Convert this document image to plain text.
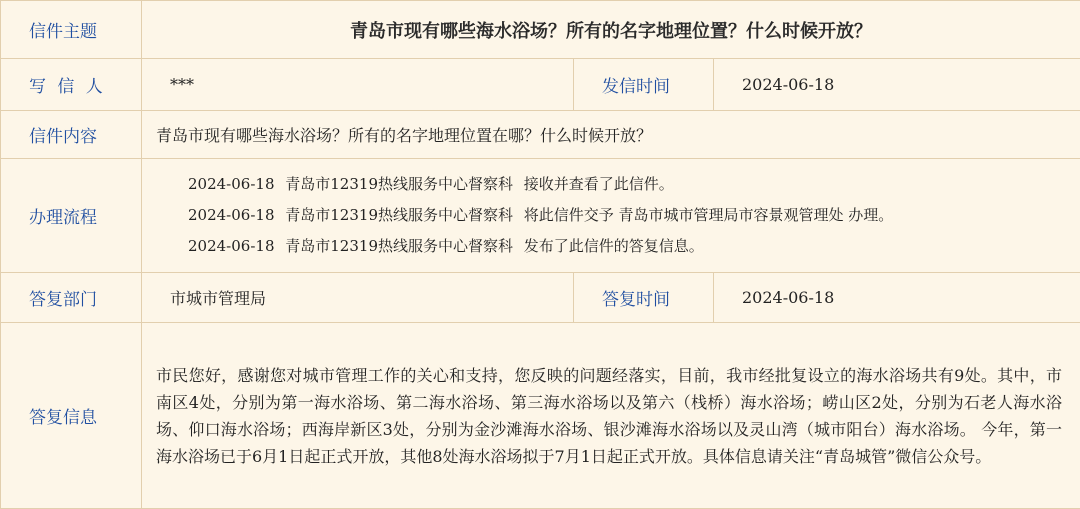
信件主题	青岛市现有哪些海水浴场？所有的名字地理位置？什么时候开放？		
写 信 人	***	发信时间	2024-06-18
信件内容	青岛市现有哪些海水浴场？所有的名字地理位置在哪？什么时候开放？		
办理流程	2024-06-18 青岛市12319热线服务中心督察科 接收并查看了此信件。
2024-06-18 青岛市12319热线服务中心督察科 将此信件交予 青岛市城市管理局市容景观管理处 办理。
2024-06-18 青岛市12319热线服务中心督察科 发布了此信件的答复信息。		

答复部门	市城市管理局	答复时间	2024-06-18
答复信息	市民您好，感谢您对城市管理工作的关心和支持，您反映的问题经落实，目前，我市经批复设立的海水浴场共有9处。其中，市南区4处，分别为第一海水浴场、第二海水浴场、第三海水浴场以及第六（栈桥）海水浴场；崂山区2处，分别为石老人海水浴场、仰口海水浴场；西海岸新区3处，分别为金沙滩海水浴场、银沙滩海水浴场以及灵山湾（城市阳台）海水浴场。 今年，第一海水浴场已于6月1日起正式开放，其他8处海水浴场拟于7月1日起正式开放。具体信息请关注“青岛城管”微信公众号。		
